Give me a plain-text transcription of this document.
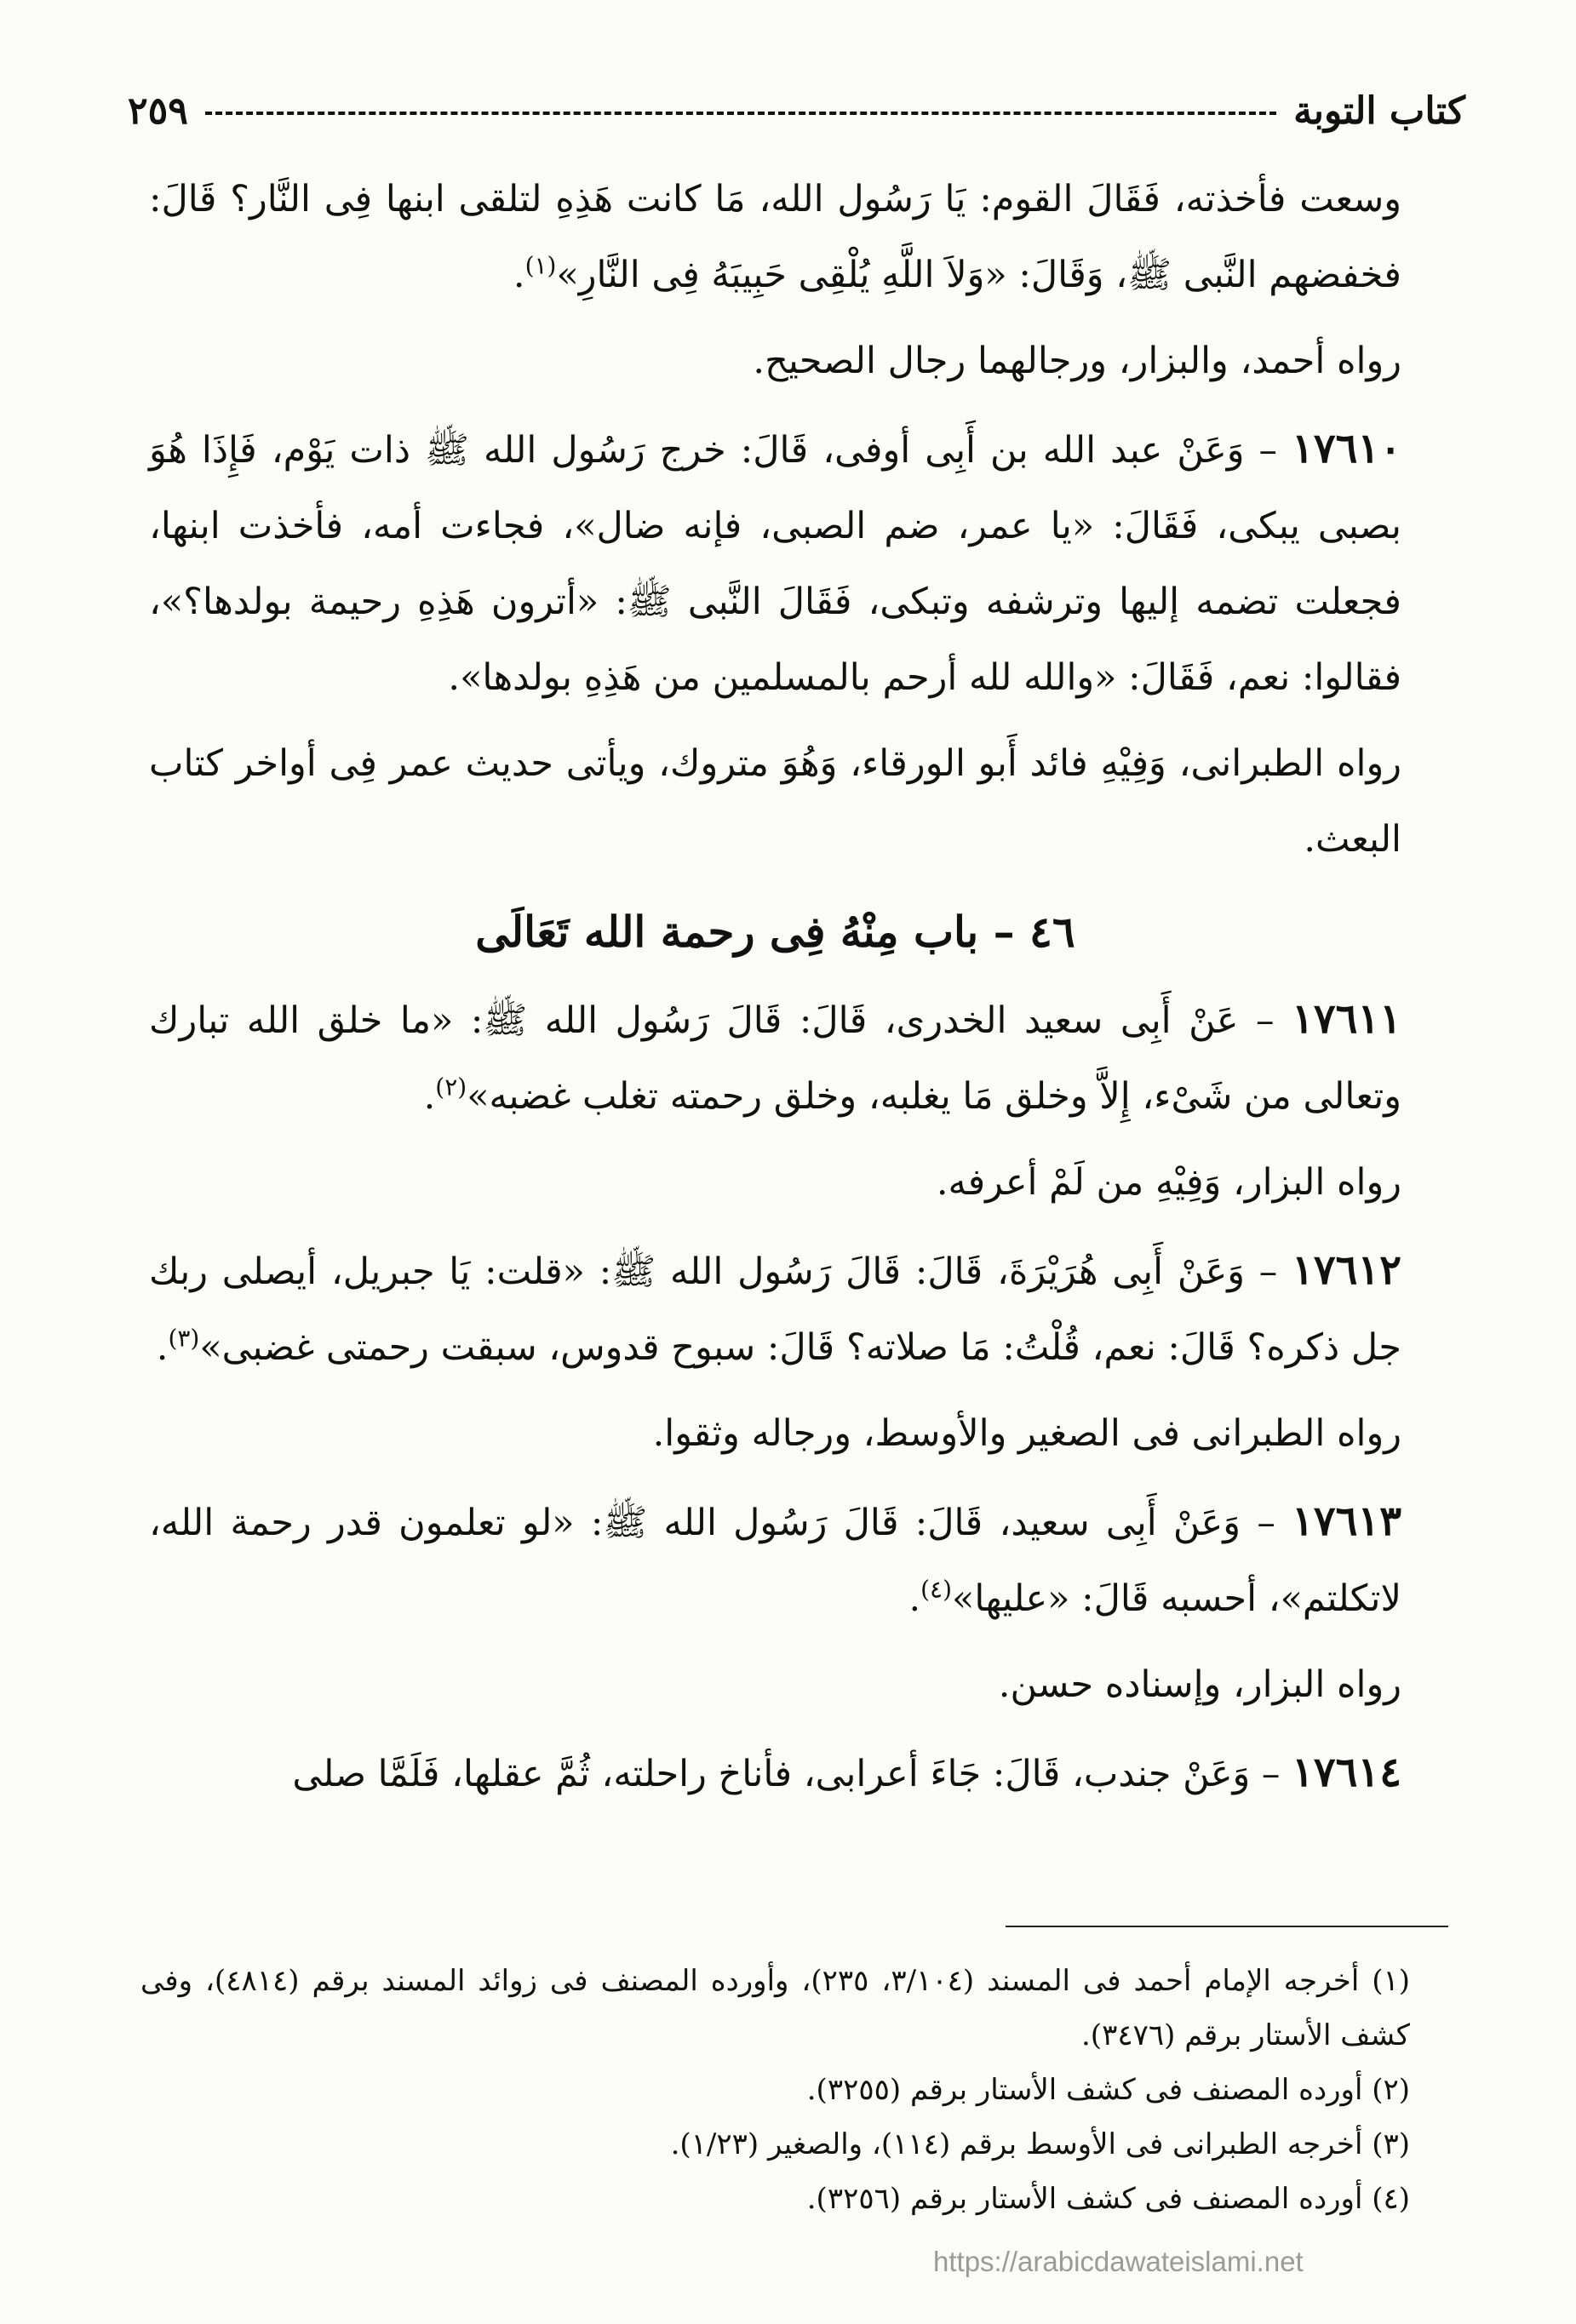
كتاب التوبة
٢٥٩

وسعت فأخذته، فَقَالَ القوم: يَا رَسُول الله، مَا كانت هَذِهِ لتلقى ابنها فِى النَّار؟ قَالَ: فخفضهم النَّبى ﷺ، وَقَالَ: «وَلاَ اللَّهِ يُلْقِى حَبِيبَهُ فِى النَّارِ»$^{(١)}$.

رواه أحمد، والبزار، ورجالهما رجال الصحيح.

١٧٦١٠ – وَعَنْ عبد الله بن أَبِى أوفى، قَالَ: خرج رَسُول الله ﷺ ذات يَوْم، فَإِذَا هُوَ بصبى يبكى، فَقَالَ: «يا عمر، ضم الصبى، فإنه ضال»، فجاءت أمه، فأخذت ابنها، فجعلت تضمه إليها وترشفه وتبكى، فَقَالَ النَّبى ﷺ: «أترون هَذِهِ رحيمة بولدها؟»، فقالوا: نعم، فَقَالَ: «والله لله أرحم بالمسلمين من هَذِهِ بولدها».

رواه الطبرانى، وَفِيْهِ فائد أَبو الورقاء، وَهُوَ متروك، ويأتى حديث عمر فِى أواخر كتاب البعث.

٤٦ – باب مِنْهُ فِى رحمة الله تَعَالَى

١٧٦١١ – عَنْ أَبِى سعيد الخدرى، قَالَ: قَالَ رَسُول الله ﷺ: «ما خلق الله تبارك وتعالى من شَىْء، إِلاَّ وخلق مَا يغلبه، وخلق رحمته تغلب غضبه»$^{(٢)}$.

رواه البزار، وَفِيْهِ من لَمْ أعرفه.

١٧٦١٢ – وَعَنْ أَبِى هُرَيْرَةَ، قَالَ: قَالَ رَسُول الله ﷺ: «قلت: يَا جبريل، أيصلى ربك جل ذكره؟ قَالَ: نعم، قُلْتُ: مَا صلاته؟ قَالَ: سبوح قدوس، سبقت رحمتى غضبى»$^{(٣)}$.

رواه الطبرانى فى الصغير والأوسط، ورجاله وثقوا.

١٧٦١٣ – وَعَنْ أَبِى سعيد، قَالَ: قَالَ رَسُول الله ﷺ: «لو تعلمون قدر رحمة الله، لاتكلتم»، أحسبه قَالَ: «عليها»$^{(٤)}$.

رواه البزار، وإسناده حسن.

١٧٦١٤ – وَعَنْ جندب، قَالَ: جَاءَ أعرابى، فأناخ راحلته، ثُمَّ عقلها، فَلَمَّا صلى

(١) أخرجه الإمام أحمد فى المسند (٣/١٠٤، ٢٣٥)، وأورده المصنف فى زوائد المسند برقم (٤٨١٤)، وفى كشف الأستار برقم (٣٤٧٦).
(٢) أورده المصنف فى كشف الأستار برقم (٣٢٥٥).
(٣) أخرجه الطبرانى فى الأوسط برقم (١١٤)، والصغير (١/٢٣).
(٤) أورده المصنف فى كشف الأستار برقم (٣٢٥٦).
https://arabicdawateislami.net
